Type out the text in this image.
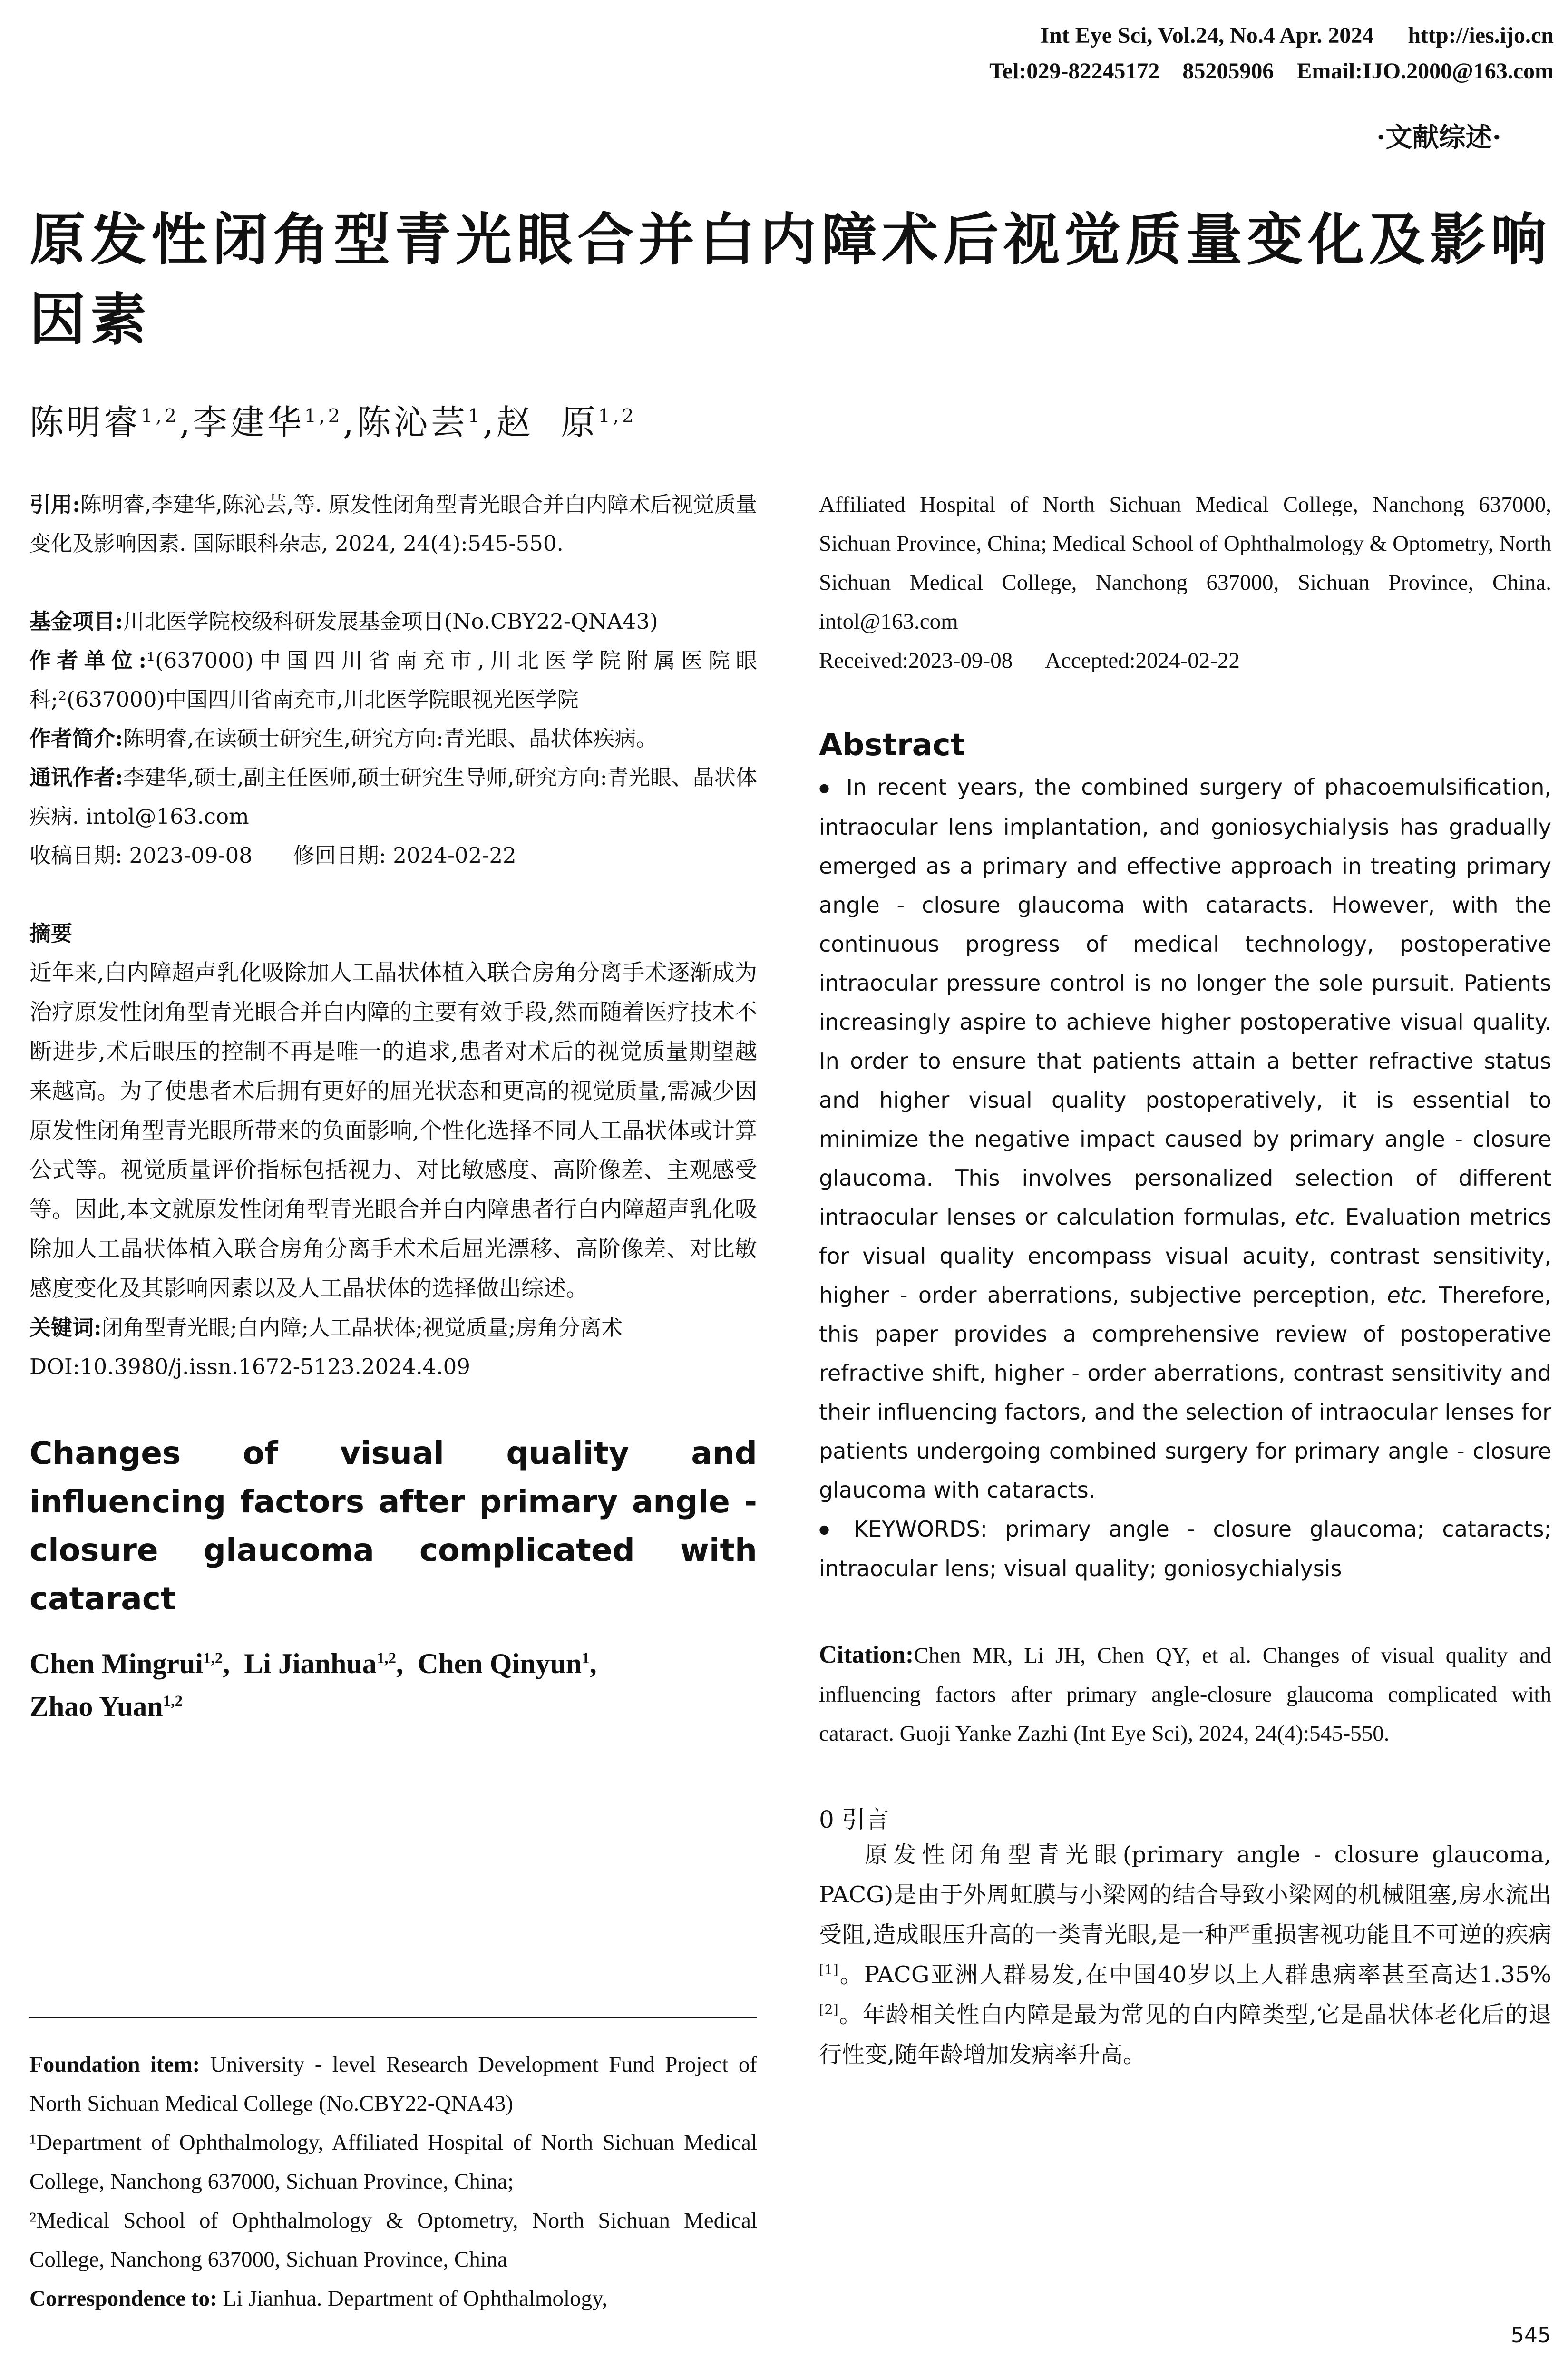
Int Eye Sci, Vol.24, No.4 Apr. 2024      http://ies.ijo.cn
Tel:029-82245172    85205906    Email:IJO.2000@163.com
·文献综述·
原发性闭角型青光眼合并白内障术后视觉质量变化及影响因素
陈明睿$^{1,2}$,李建华$^{1,2}$,陈沁芸$^1$,赵  原$^{1,2}$

引用:陈明睿,李建华,陈沁芸,等. 原发性闭角型青光眼合并白内障术后视觉质量变化及影响因素. 国际眼科杂志, 2024, 24(4):545-550.

基金项目:川北医学院校级科研发展基金项目(No.CBY22-QNA43)

作者单位:¹(637000)中国四川省南充市,川北医学院附属医院眼科;²(637000)中国四川省南充市,川北医学院眼视光医学院

作者简介:陈明睿,在读硕士研究生,研究方向:青光眼、晶状体疾病。

通讯作者:李建华,硕士,副主任医师,硕士研究生导师,研究方向:青光眼、晶状体疾病. intol@163.com

收稿日期: 2023-09-08      修回日期: 2024-02-22

摘要

近年来,白内障超声乳化吸除加人工晶状体植入联合房角分离手术逐渐成为治疗原发性闭角型青光眼合并白内障的主要有效手段,然而随着医疗技术不断进步,术后眼压的控制不再是唯一的追求,患者对术后的视觉质量期望越来越高。为了使患者术后拥有更好的屈光状态和更高的视觉质量,需减少因原发性闭角型青光眼所带来的负面影响,个性化选择不同人工晶状体或计算公式等。视觉质量评价指标包括视力、对比敏感度、高阶像差、主观感受等。因此,本文就原发性闭角型青光眼合并白内障患者行白内障超声乳化吸除加人工晶状体植入联合房角分离手术术后屈光漂移、高阶像差、对比敏感度变化及其影响因素以及人工晶状体的选择做出综述。

关键词:闭角型青光眼;白内障;人工晶状体;视觉质量;房角分离术

DOI:10.3980/j.issn.1672-5123.2024.4.09

Changes of visual quality and influencing factors after primary angle - closure glaucoma complicated with cataract
Chen Mingrui$^{1,2}$,  Li Jianhua$^{1,2}$,  Chen Qinyun$^1$,
Zhao Yuan$^{1,2}$

Foundation item: University - level Research Development Fund Project of North Sichuan Medical College (No.CBY22-QNA43)

¹Department of Ophthalmology, Affiliated Hospital of North Sichuan Medical College, Nanchong 637000, Sichuan Province, China;

²Medical School of Ophthalmology & Optometry, North Sichuan Medical College, Nanchong 637000, Sichuan Province, China

Correspondence to: Li Jianhua. Department of Ophthalmology,

Affiliated Hospital of North Sichuan Medical College, Nanchong 637000, Sichuan Province, China; Medical School of Ophthalmology & Optometry, North Sichuan Medical College, Nanchong 637000, Sichuan Province, China. intol@163.com

Received:2023-09-08      Accepted:2024-02-22

Abstract

● In recent years, the combined surgery of phacoemulsification, intraocular lens implantation, and goniosychialysis has gradually emerged as a primary and effective approach in treating primary angle - closure glaucoma with cataracts. However, with the continuous progress of medical technology, postoperative intraocular pressure control is no longer the sole pursuit. Patients increasingly aspire to achieve higher postoperative visual quality. In order to ensure that patients attain a better refractive status and higher visual quality postoperatively, it is essential to minimize the negative impact caused by primary angle - closure glaucoma. This involves personalized selection of different intraocular lenses or calculation formulas, etc. Evaluation metrics for visual quality encompass visual acuity, contrast sensitivity, higher - order aberrations, subjective perception, etc. Therefore, this paper provides a comprehensive review of postoperative refractive shift, higher - order aberrations, contrast sensitivity and their influencing factors, and the selection of intraocular lenses for patients undergoing combined surgery for primary angle - closure glaucoma with cataracts.

● KEYWORDS: primary angle - closure glaucoma; cataracts; intraocular lens; visual quality; goniosychialysis

Citation:Chen MR, Li JH, Chen QY, et al. Changes of visual quality and influencing factors after primary angle-closure glaucoma complicated with cataract. Guoji Yanke Zazhi (Int Eye Sci), 2024, 24(4):545-550.

0 引言

原发性闭角型青光眼(primary angle - closure glaucoma, PACG)是由于外周虹膜与小梁网的结合导致小梁网的机械阻塞,房水流出受阻,造成眼压升高的一类青光眼,是一种严重损害视功能且不可逆的疾病[1]。PACG亚洲人群易发,在中国40岁以上人群患病率甚至高达1.35%[2]。年龄相关性白内障是最为常见的白内障类型,它是晶状体老化后的退行性变,随年龄增加发病率升高。

545
